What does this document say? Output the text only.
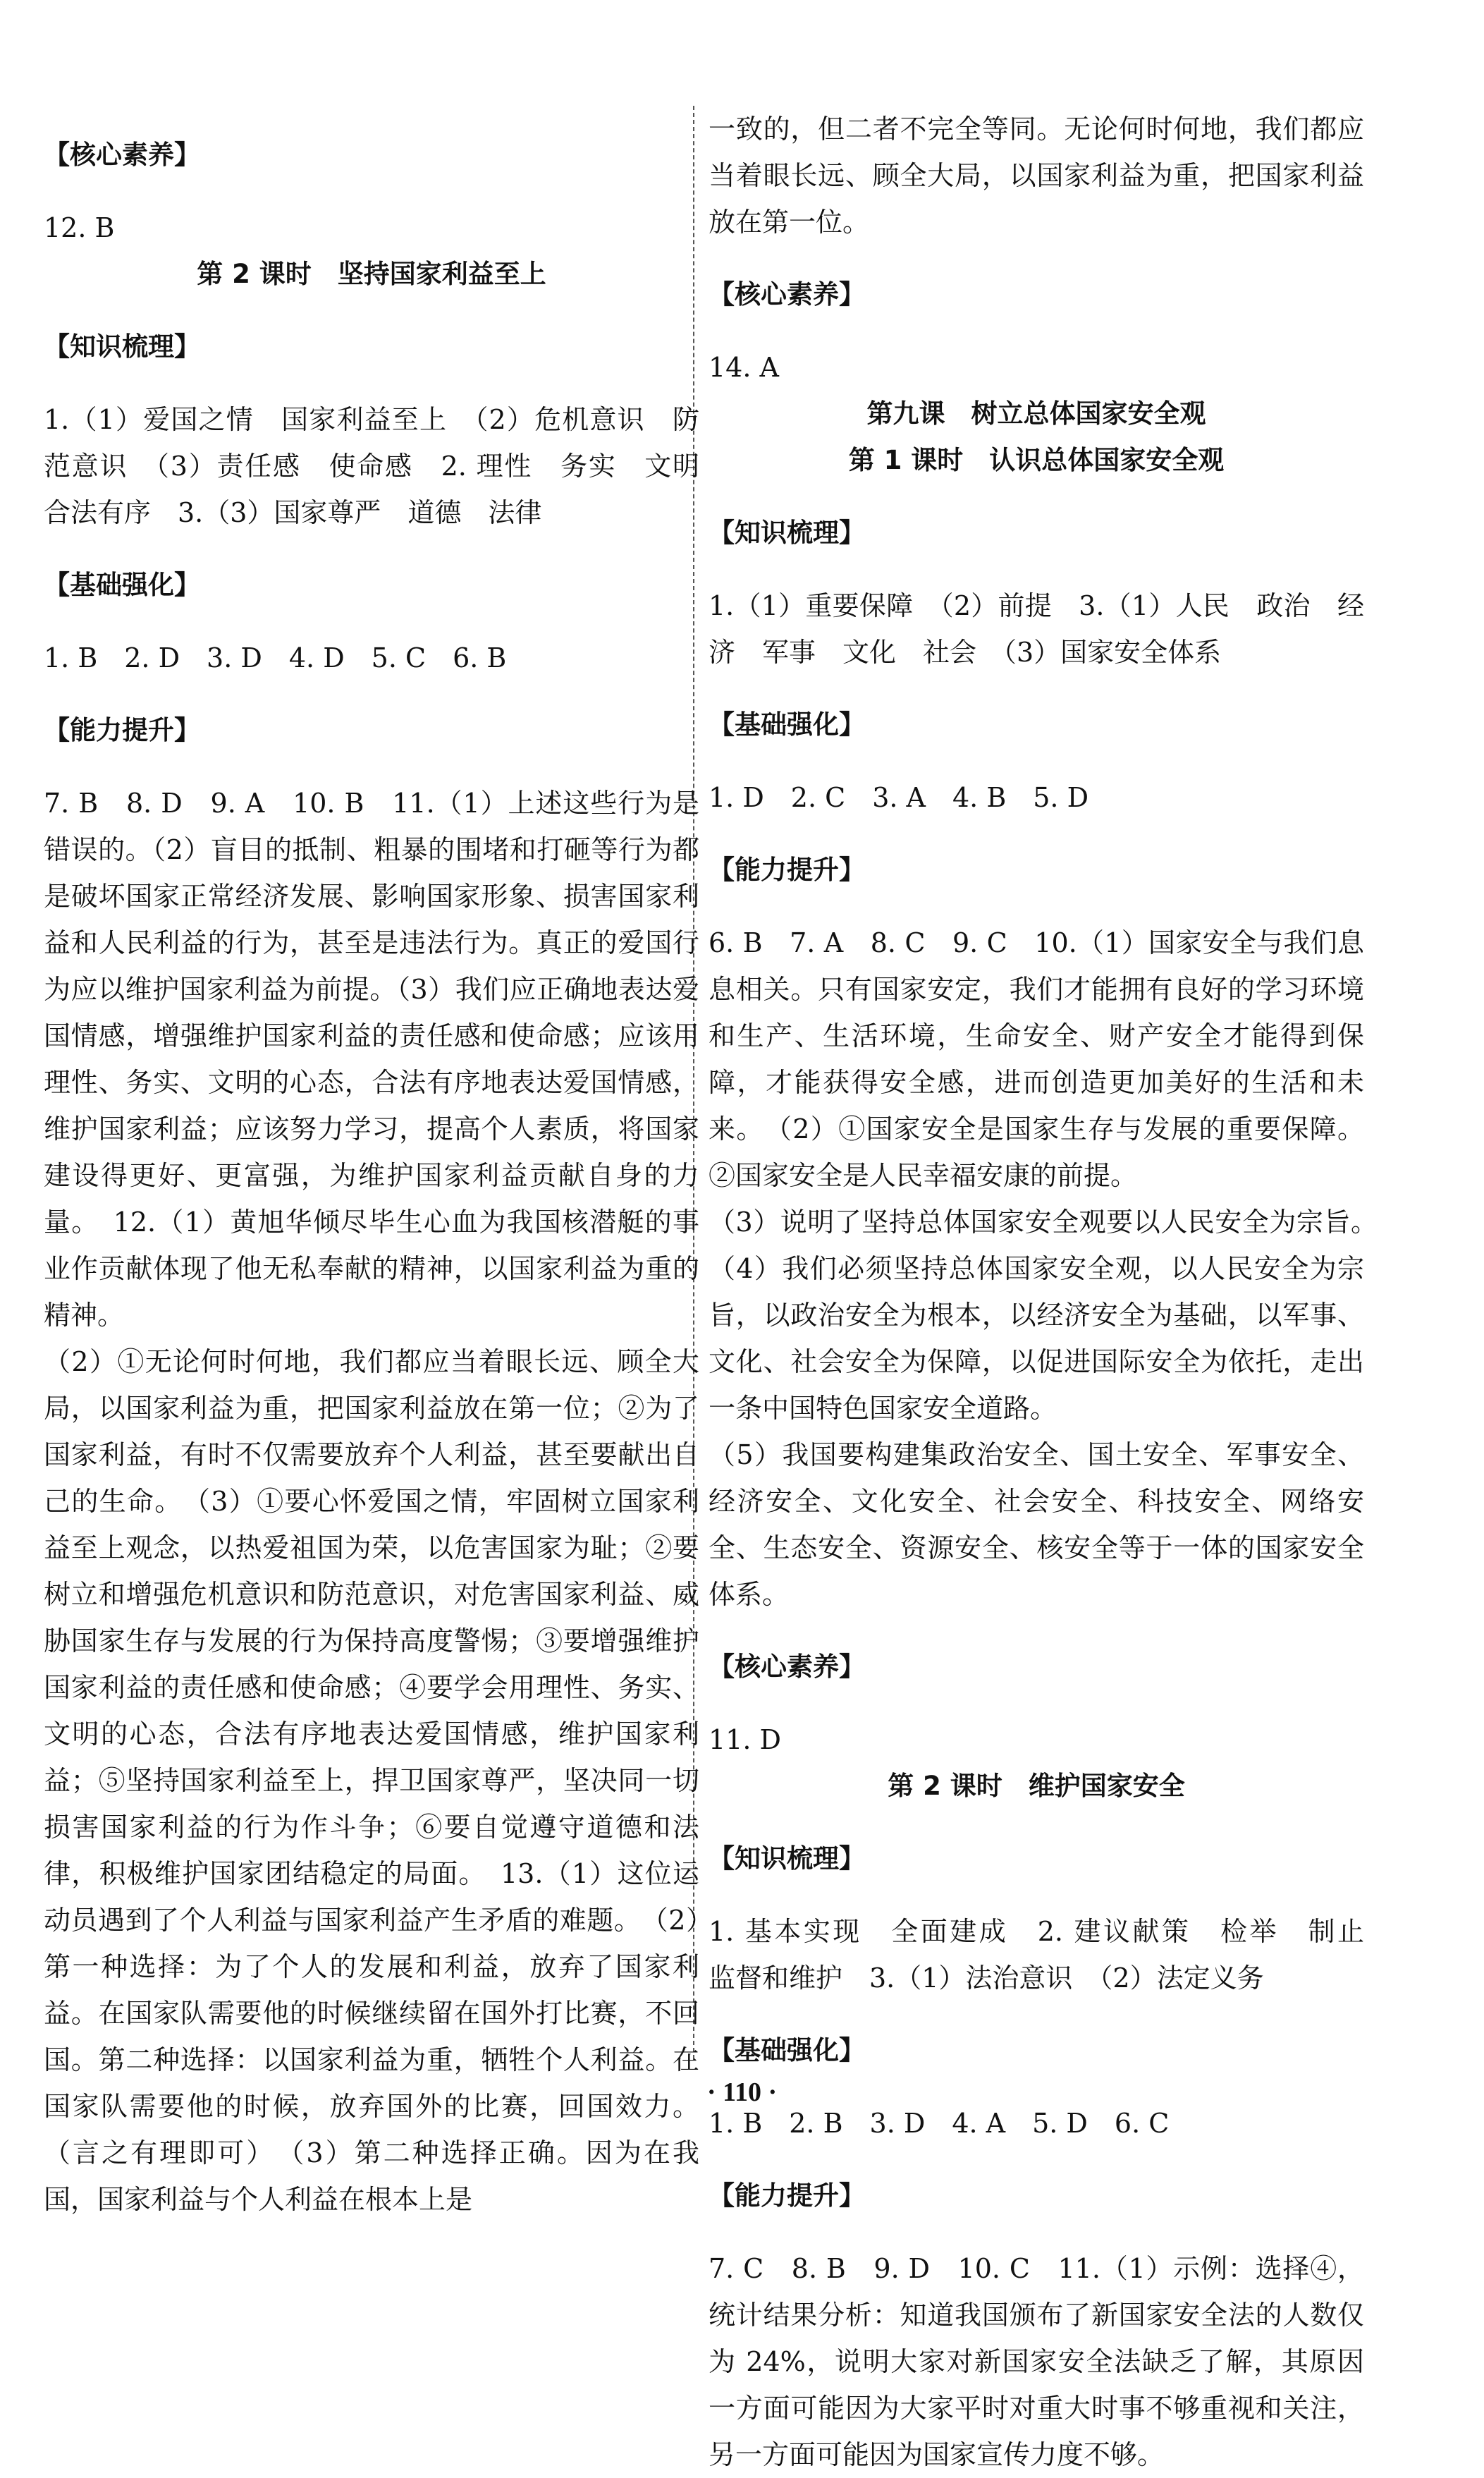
【核心素养】

12. B

第 2 课时　坚持国家利益至上

【知识梳理】

1.（1）爱国之情　国家利益至上　（2）危机意识　防范意识　（3）责任感　使命感　2. 理性　务实　文明　合法有序　3.（3）国家尊严　道德　法律

【基础强化】

1. B　2. D　3. D　4. D　5. C　6. B

【能力提升】

7. B　8. D　9. A　10. B　11.（1）上述这些行为是错误的。（2）盲目的抵制、粗暴的围堵和打砸等行为都是破坏国家正常经济发展、影响国家形象、损害国家利益和人民利益的行为，甚至是违法行为。真正的爱国行为应以维护国家利益为前提。（3）我们应正确地表达爱国情感，增强维护国家利益的责任感和使命感；应该用理性、务实、文明的心态，合法有序地表达爱国情感，维护国家利益；应该努力学习，提高个人素质，将国家建设得更好、更富强，为维护国家利益贡献自身的力量。　12.（1）黄旭华倾尽毕生心血为我国核潜艇的事业作贡献体现了他无私奉献的精神，以国家利益为重的精神。

（2）①无论何时何地，我们都应当着眼长远、顾全大局，以国家利益为重，把国家利益放在第一位；②为了国家利益，有时不仅需要放弃个人利益，甚至要献出自己的生命。　（3）①要心怀爱国之情，牢固树立国家利益至上观念，以热爱祖国为荣，以危害国家为耻；②要树立和增强危机意识和防范意识，对危害国家利益、威胁国家生存与发展的行为保持高度警惕；③要增强维护国家利益的责任感和使命感；④要学会用理性、务实、文明的心态，合法有序地表达爱国情感，维护国家利益；⑤坚持国家利益至上，捍卫国家尊严，坚决同一切损害国家利益的行为作斗争；⑥要自觉遵守道德和法律，积极维护国家团结稳定的局面。　13.（1）这位运动员遇到了个人利益与国家利益产生矛盾的难题。　（2）第一种选择：为了个人的发展和利益，放弃了国家利益。在国家队需要他的时候继续留在国外打比赛，不回国。第二种选择：以国家利益为重，牺牲个人利益。在国家队需要他的时候，放弃国外的比赛，回国效力。（言之有理即可）　（3）第二种选择正确。因为在我国，国家利益与个人利益在根本上是

一致的，但二者不完全等同。无论何时何地，我们都应当着眼长远、顾全大局，以国家利益为重，把国家利益放在第一位。

【核心素养】

14. A

第九课　树立总体国家安全观

第 1 课时　认识总体国家安全观

【知识梳理】

1.（1）重要保障　（2）前提　3.（1）人民　政治　经济　军事　文化　社会　（3）国家安全体系

【基础强化】

1. D　2. C　3. A　4. B　5. D

【能力提升】

6. B　7. A　8. C　9. C　10.（1）国家安全与我们息息相关。只有国家安定，我们才能拥有良好的学习环境和生产、生活环境，生命安全、财产安全才能得到保障，才能获得安全感，进而创造更加美好的生活和未来。　（2）①国家安全是国家生存与发展的重要保障。②国家安全是人民幸福安康的前提。

（3）说明了坚持总体国家安全观要以人民安全为宗旨。　（4）我们必须坚持总体国家安全观，以人民安全为宗旨，以政治安全为根本，以经济安全为基础，以军事、文化、社会安全为保障，以促进国际安全为依托，走出一条中国特色国家安全道路。

（5）我国要构建集政治安全、国土安全、军事安全、经济安全、文化安全、社会安全、科技安全、网络安全、生态安全、资源安全、核安全等于一体的国家安全体系。

【核心素养】

11. D

第 2 课时　维护国家安全

【知识梳理】

1. 基本实现　全面建成　2. 建议献策　检举　制止　监督和维护　3.（1）法治意识　（2）法定义务

【基础强化】

1. B　2. B　3. D　4. A　5. D　6. C

【能力提升】

7. C　8. B　9. D　10. C　11.（1）示例：选择④，统计结果分析：知道我国颁布了新国家安全法的人数仅为 24%，说明大家对新国家安全法缺乏了解，其原因一方面可能因为大家平时对重大时事不够重视和关注，另一方面可能因为国家宣传力度不够。

· 110 ·
